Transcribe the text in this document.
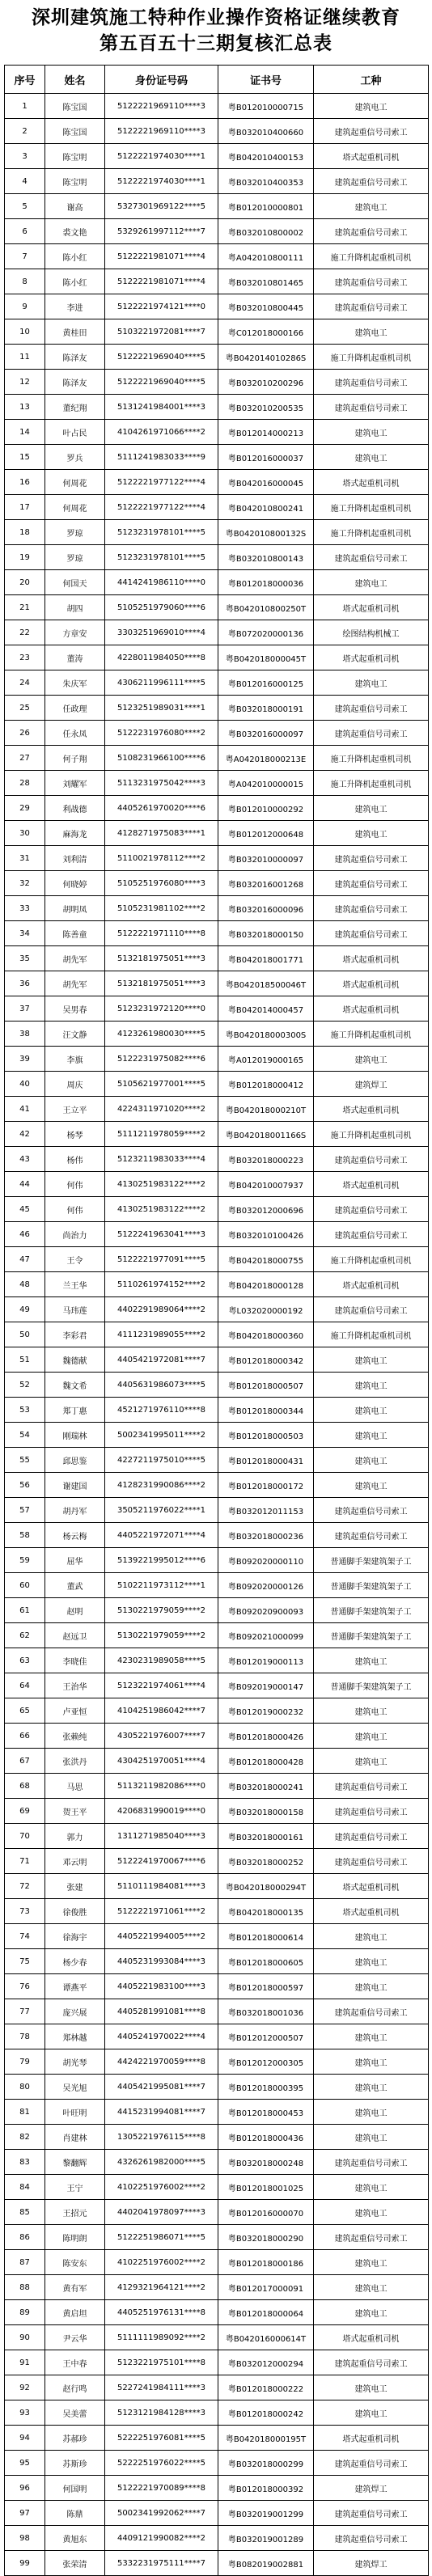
深圳建筑施工特种作业操作资格证继续教育
第五百五十三期复核汇总表
序号	姓名	身份证号码	证书号	工种
1	陈宝国	5122221969110****3	粤B012010000715	建筑电工
2	陈宝国	5122221969110****3	粤B032010400660	建筑起重信号司索工
3	陈宝明	5122221974030****1	粤B042010400153	塔式起重机司机
4	陈宝明	5122221974030****1	粤B032010400353	建筑起重信号司索工
5	谢高	5327301969122****5	粤B012010000801	建筑电工
6	裘文艳	5329261997112****7	粤B032010800002	建筑起重信号司索工
7	陈小红	5122221981071****4	粤A042010800111	施工升降机起重机司机
8	陈小红	5122221981071****4	粤B032010801465	建筑起重信号司索工
9	李进	5122221974121****0	粤B032010800445	建筑起重信号司索工
10	黄桂田	5103221972081****7	粤C012018000166	建筑电工
11	陈泽友	5122221969040****5	粤B042014010286S	施工升降机起重机司机
12	陈泽友	5122221969040****5	粤B032010200296	建筑起重信号司索工
13	董纪翔	5131241984001****3	粤B032010200535	建筑起重信号司索工
14	叶占民	4104261971066****2	粤B012014000213	建筑电工
15	罗兵	5111241983033****9	粤B012016000037	建筑电工
16	何周花	5122221977122****4	粤B042016000045	塔式起重机司机
17	何周花	5122221977122****4	粤B042010800241	施工升降机起重机司机
18	罗琼	5123231978101****5	粤B042010800132S	施工升降机起重机司机
19	罗琼	5123231978101****5	粤B032010800143	建筑起重信号司索工
20	何国天	4414241986110****0	粤B012018000036	建筑电工
21	胡四	5105251979060****6	粤B042010800250T	塔式起重机司机
22	方章安	3303251969010****4	粤B072020000136	绘图结构机械工
23	董涛	4228011984050****8	粤B042018000045T	塔式起重机司机
24	朱庆军	4306211996111****5	粤B012016000125	建筑电工
25	任政理	5123251989031****1	粤B032018000191	建筑起重信号司索工
26	任永凤	5122231976080****2	粤B032016000097	建筑起重信号司索工
27	何子翔	5108231966100****6	粤A042018000213E	施工升降机起重机司机
28	刘耀军	5113231975042****3	粤A042010000015	施工升降机起重机司机
29	利战德	4405261970020****6	粤B012010000292	建筑电工
30	麻海龙	4128271975083****1	粤B012012000648	建筑电工
31	刘利清	5110021978112****2	粤B032010000097	建筑起重信号司索工
32	何晓婷	5105251976080****3	粤B032016001268	建筑起重信号司索工
33	胡明凤	5105231981102****2	粤B032016000096	建筑起重信号司索工
34	陈善童	5122221971110****8	粤B032018000150	建筑起重信号司索工
35	胡先军	5132181975051****3	粤B042018001771	塔式起重机司机
36	胡先军	5132181975051****3	粤B042018500046T	塔式起重机司机
37	吴男春	5123231972120****0	粤B042014000457	塔式起重机司机
38	汪文静	4123261980030****5	粤B042018000300S	施工升降机起重机司机
39	李旗	5122231975082****6	粤A012019000165	建筑电工
40	周庆	5105621977001****5	粤B012018000412	建筑焊工
41	王立平	4224311971020****2	粤B042018000210T	塔式起重机司机
42	杨琴	5111211978059****2	粤B042018001166S	施工升降机起重机司机
43	杨伟	5123211983033****4	粤B032018000223	建筑起重信号司索工
44	何伟	4130251983122****2	粤B042010007937	塔式起重机司机
45	何伟	4130251983122****2	粤B032012000696	建筑起重信号司索工
46	尚治力	5122241963041****3	粤B032010100426	建筑起重信号司索工
47	王令	5122221977091****5	粤B042018000755	施工升降机起重机司机
48	兰王华	5110261974152****2	粤B042018000128	塔式起重机司机
49	马玮莲	4402291989064****2	粤L032020000192	建筑起重信号司索工
50	李彩君	4111231989055****2	粤B042018000360	施工升降机起重机司机
51	魏德献	4405421972081****7	粤B012018000342	建筑电工
52	魏文希	4405631986073****5	粤B012018000507	建筑电工
53	郑丁惠	4521271976110****8	粤B012018000344	建筑电工
54	刚瑞林	5002341995011****2	粤B012018000503	建筑电工
55	邱思鉴	4227211975010****5	粤B012018000431	建筑电工
56	谢建国	4128231990086****2	粤B012018000172	建筑电工
57	胡丹军	3505211976022****1	粤B032012011153	建筑起重信号司索工
58	杨云梅	4405221972071****4	粤B032018000236	建筑起重信号司索工
59	屈华	5139221995012****6	粤B092020000110	普通脚手架建筑架子工
60	董武	5102211973112****1	粤B092020000126	普通脚手架建筑架子工
61	赵明	5130221979059****2	粤B092020900093	普通脚手架建筑架子工
62	赵远卫	5130221979059****2	粤B092021000099	普通脚手架建筑架子工
63	李晓佳	4230231989058****5	粤B012019000113	建筑电工
64	王治华	5123221974061****4	粤B092019000147	普通脚手架建筑架子工
65	卢亚恒	4104251986042****7	粤B012019000232	建筑电工
66	张赖纯	4305221976007****7	粤B012018000426	建筑电工
67	张洪丹	4304251970051****4	粤B012018000428	建筑电工
68	马思	5113211982086****0	粤B032018000241	建筑起重信号司索工
69	贺王平	4206831990019****0	粤B032018000158	建筑起重信号司索工
70	郭力	1311271985040****3	粤B032018000161	建筑起重信号司索工
71	邓云明	5122241970067****6	粤B032018000252	建筑起重信号司索工
72	张建	5110111984081****3	粤B042018000294T	塔式起重机司机
73	徐俊胜	5122221971061****2	粤B042018000135	塔式起重机司机
74	徐海宇	4405221994005****2	粤B012018000614	建筑电工
75	杨少春	4405231993084****3	粤B012018000605	建筑电工
76	谭燕平	4405221983100****3	粤B012018000597	建筑电工
77	庞兴展	4405281991081****8	粤B032018001036	建筑起重信号司索工
78	郑林越	4405241970022****4	粤B012012000507	建筑电工
79	胡光琴	4424221970059****8	粤B012012000305	建筑电工
80	吴光旭	4405421995081****7	粤B012018000395	建筑电工
81	叶旺明	4415231994081****7	粤B012018000453	建筑电工
82	肖建林	1305221976115****8	粤B012018000436	建筑电工
83	黎翻辉	4326261982000****5	粤B032018000248	建筑起重信号司索工
84	王宁	4102251976002****2	粤B012018001025	建筑电工
85	王招元	4402041978097****3	粤B012016000070	建筑电工
86	陈明朗	5122251986071****5	粤B032018000290	建筑起重信号司索工
87	陈安东	4102251976002****2	粤B012018000186	建筑电工
88	黄有军	4129321964121****2	粤B012017000091	建筑电工
89	黄启坦	4405251976131****8	粤B012018000064	建筑电工
90	尹云华	5111111989092****2	粤B042016000614T	塔式起重机司机
91	王中春	5123221975101****8	粤B032012000294	建筑起重信号司索工
92	赵行鸣	5227241984111****3	粤B012018000222	建筑电工
93	吴美蕾	5123121984128****3	粤B012018000242	建筑电工
94	苏郝珍	5222251976081****5	粤B042018000195T	塔式起重机司机
95	苏斯珍	5222251976022****5	粤B032018000299	建筑起重信号司索工
96	何国明	5122221970089****8	粤B012018000392	建筑焊工
97	陈鼎	5002341992062****7	粤B032019001299	建筑起重信号司索工
98	黄旭东	4409121990082****2	粤B032019001289	建筑起重信号司索工
99	张荣清	5332231975111****7	粤B082019002881	建筑焊工
